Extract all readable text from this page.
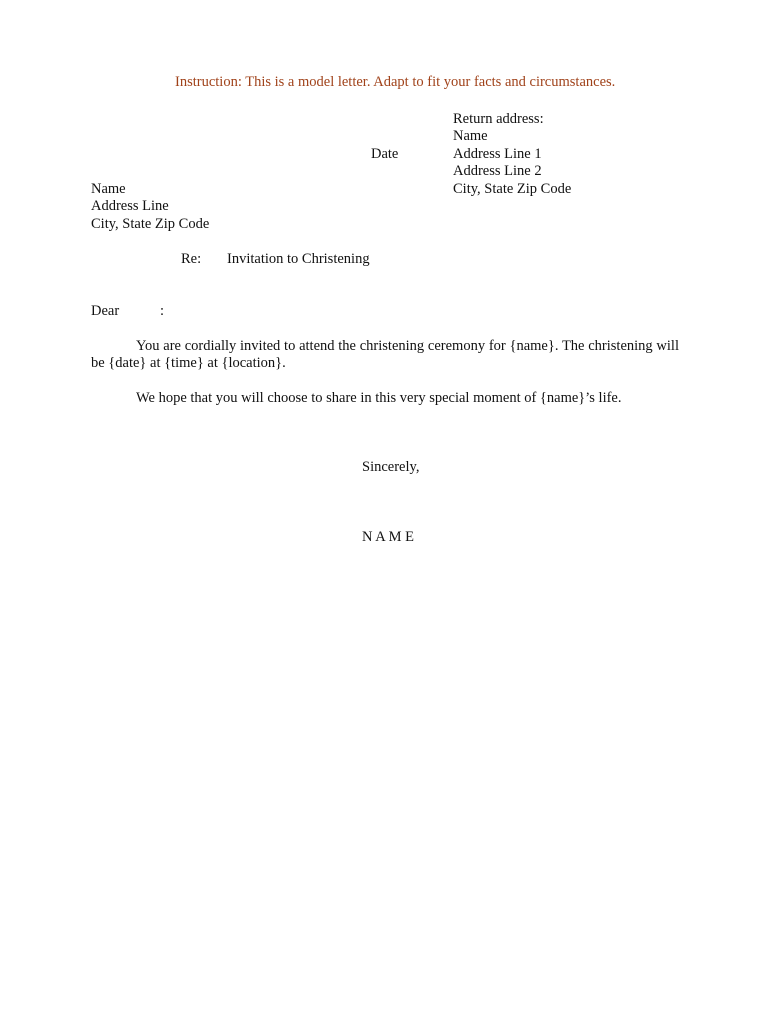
Instruction: This is a model letter. Adapt to fit your facts and circumstances.
Return address:
Name
Address Line 1
Address Line 2
City, State Zip Code
Date
Name
Address Line
City, State Zip Code
Re: Invitation to Christening
Dear	:

You are cordially invited to attend the christening ceremony for {name}. The christening will be {date} at {time} at {location}.

We hope that you will choose to share in this very special moment of {name}’s life.

Sincerely,
N A M E
